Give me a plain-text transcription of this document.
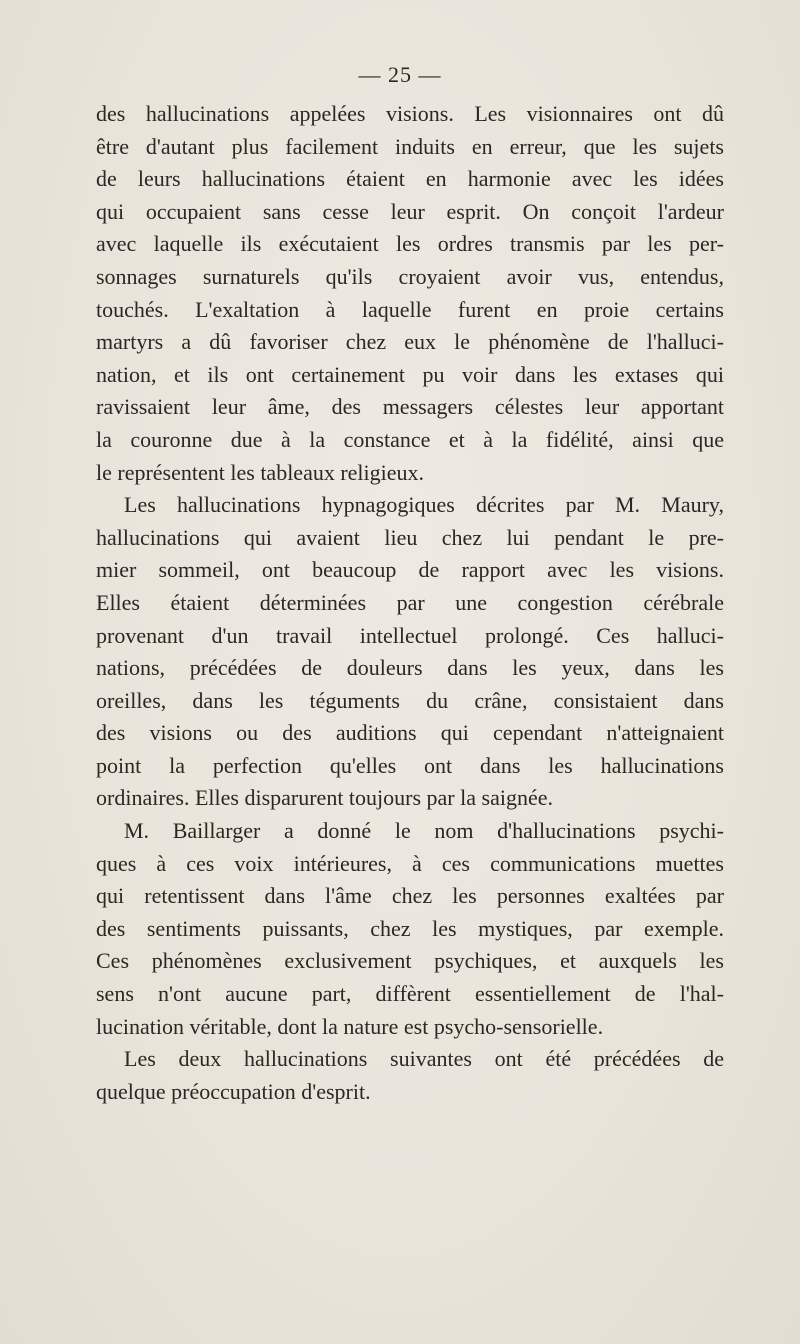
— 25 —
des hallucinations appelées visions. Les visionnaires ont dû
être d'autant plus facilement induits en erreur, que les sujets
de leurs hallucinations étaient en harmonie avec les idées
qui occupaient sans cesse leur esprit. On conçoit l'ardeur
avec laquelle ils exécutaient les ordres transmis par les per-
sonnages surnaturels qu'ils croyaient avoir vus, entendus,
touchés. L'exaltation à laquelle furent en proie certains
martyrs a dû favoriser chez eux le phénomène de l'halluci-
nation, et ils ont certainement pu voir dans les extases qui
ravissaient leur âme, des messagers célestes leur apportant
la couronne due à la constance et à la fidélité, ainsi que
le représentent les tableaux religieux.
Les hallucinations hypnagogiques décrites par M. Maury,
hallucinations qui avaient lieu chez lui pendant le pre-
mier sommeil, ont beaucoup de rapport avec les visions.
Elles étaient déterminées par une congestion cérébrale
provenant d'un travail intellectuel prolongé. Ces halluci-
nations, précédées de douleurs dans les yeux, dans les
oreilles, dans les téguments du crâne, consistaient dans
des visions ou des auditions qui cependant n'atteignaient
point la perfection qu'elles ont dans les hallucinations
ordinaires. Elles disparurent toujours par la saignée.
M. Baillarger a donné le nom d'hallucinations psychi-
ques à ces voix intérieures, à ces communications muettes
qui retentissent dans l'âme chez les personnes exaltées par
des sentiments puissants, chez les mystiques, par exemple.
Ces phénomènes exclusivement psychiques, et auxquels les
sens n'ont aucune part, diffèrent essentiellement de l'hal-
lucination véritable, dont la nature est psycho-sensorielle.
Les deux hallucinations suivantes ont été précédées de
quelque préoccupation d'esprit.
